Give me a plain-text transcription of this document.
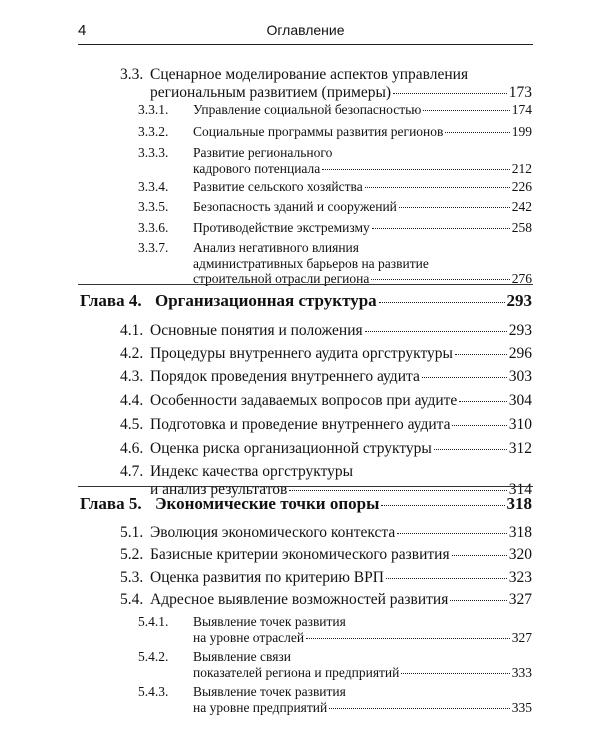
4	Оглавление
3.3. Сценарное моделирование аспектов управления
региональным развитием (примеры)	173
3.3.1. Управление социальной безопасностью	174
3.3.2. Социальные программы развития регионов	199
3.3.3. Развитие регионального
кадрового потенциала	212
3.3.4. Развитие сельского хозяйства	226
3.3.5. Безопасность зданий и сооружений	242
3.3.6. Противодействие экстремизму	258
3.3.7. Анализ негативного влияния
административных барьеров на развитие
строительной отрасли региона	276
Глава 4. Организационная структура	293
4.1. Основные понятия и положения	293
4.2. Процедуры внутреннего аудита оргструктуры	296
4.3. Порядок проведения внутреннего аудита	303
4.4. Особенности задаваемых вопросов при аудите	304
4.5. Подготовка и проведение внутреннего аудита	310
4.6. Оценка риска организационной структуры	312
4.7. Индекс качества оргструктуры
и анализ результатов	314
Глава 5. Экономические точки опоры	318
5.1. Эволюция экономического контекста	318
5.2. Базисные критерии экономического развития	320
5.3. Оценка развития по критерию ВРП	323
5.4. Адресное выявление возможностей развития	327
5.4.1. Выявление точек развития
на уровне отраслей	327
5.4.2. Выявление связи
показателей региона и предприятий	333
5.4.3. Выявление точек развития
на уровне предприятий	335
